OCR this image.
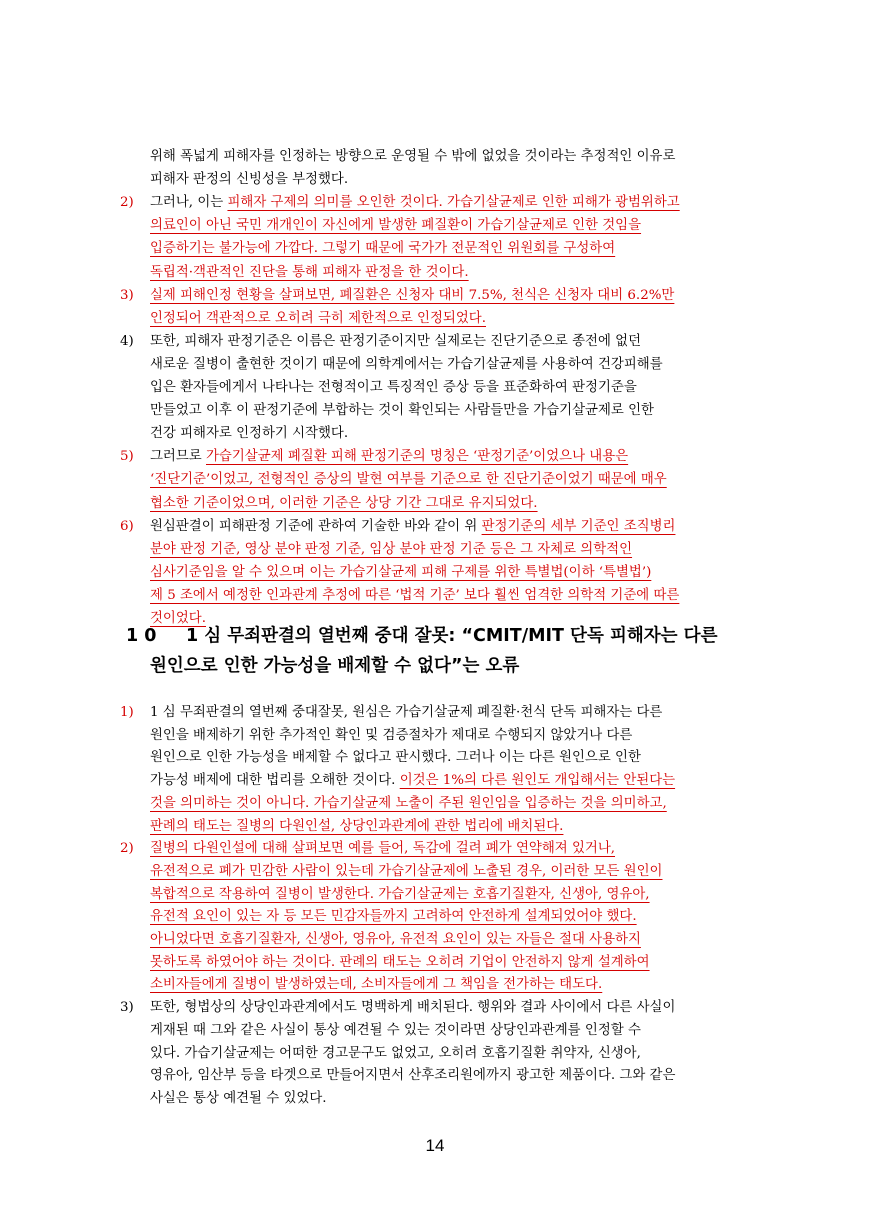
위해 폭넓게 피해자를 인정하는 방향으로 운영될 수 밖에 없었을 것이라는 추정적인 이유로
피해자 판정의 신빙성을 부정했다.
2) 그러나, 이는 피해자 구제의 의미를 오인한 것이다. 가습기살균제로 인한 피해가 광범위하고
의료인이 아닌 국민 개개인이 자신에게 발생한 폐질환이 가습기살균제로 인한 것임을
입증하기는 불가능에 가깝다. 그렇기 때문에 국가가 전문적인 위원회를 구성하여
독립적·객관적인 진단을 통해 피해자 판정을 한 것이다.
3) 실제 피해인정 현황을 살펴보면, 폐질환은 신청자 대비 7.5%, 천식은 신청자 대비 6.2%만
인정되어 객관적으로 오히려 극히 제한적으로 인정되었다.
4) 또한, 피해자 판정기준은 이름은 판정기준이지만 실제로는 진단기준으로 종전에 없던
새로운 질병이 출현한 것이기 때문에 의학계에서는 가습기살균제를 사용하여 건강피해를
입은 환자들에게서 나타나는 전형적이고 특징적인 증상 등을 표준화하여 판정기준을
만들었고 이후 이 판정기준에 부합하는 것이 확인되는 사람들만을 가습기살균제로 인한
건강 피해자로 인정하기 시작했다.
5) 그러므로 가습기살균제 폐질환 피해 판정기준의 명칭은 ‘판정기준’이었으나 내용은
‘진단기준’이었고, 전형적인 증상의 발현 여부를 기준으로 한 진단기준이었기 때문에 매우
협소한 기준이었으며, 이러한 기준은 상당 기간 그대로 유지되었다.
6) 원심판결이 피해판정 기준에 관하여 기술한 바와 같이 위 판정기준의 세부 기준인 조직병리
분야 판정 기준, 영상 분야 판정 기준, 임상 분야 판정 기준 등은 그 자체로 의학적인
심사기준임을 알 수 있으며 이는 가습기살균제 피해 구제를 위한 특별법(이하 ‘특별법’)
제 5 조에서 예정한 인과관계 추정에 따른 ‘법적 기준’ 보다 훨씬 엄격한 의학적 기준에 따른
것이었다.
1 0 1 심 무죄판결의 열번째 중대 잘못: “CMIT/MIT 단독 피해자는 다른
원인으로 인한 가능성을 배제할 수 없다”는 오류
1) 1 심 무죄판결의 열번째 중대잘못, 원심은 가습기살균제 폐질환·천식 단독 피해자는 다른
원인을 배제하기 위한 추가적인 확인 및 검증절차가 제대로 수행되지 않았거나 다른
원인으로 인한 가능성을 배제할 수 없다고 판시했다. 그러나 이는 다른 원인으로 인한
가능성 배제에 대한 법리를 오해한 것이다. 이것은 1%의 다른 원인도 개입해서는 안된다는
것을 의미하는 것이 아니다. 가습기살균제 노출이 주된 원인임을 입증하는 것을 의미하고,
판례의 태도는 질병의 다원인설, 상당인과관계에 관한 법리에 배치된다.
2) 질병의 다원인설에 대해 살펴보면 예를 들어, 독감에 걸려 폐가 연약해져 있거나,
유전적으로 폐가 민감한 사람이 있는데 가습기살균제에 노출된 경우, 이러한 모든 원인이
복합적으로 작용하여 질병이 발생한다. 가습기살균제는 호흡기질환자, 신생아, 영유아,
유전적 요인이 있는 자 등 모든 민감자들까지 고려하여 안전하게 설계되었어야 했다.
아니었다면 호흡기질환자, 신생아, 영유아, 유전적 요인이 있는 자들은 절대 사용하지
못하도록 하였어야 하는 것이다. 판례의 태도는 오히려 기업이 안전하지 않게 설계하여
소비자들에게 질병이 발생하였는데, 소비자들에게 그 책임을 전가하는 태도다.
3) 또한, 형법상의 상당인과관계에서도 명백하게 배치된다. 행위와 결과 사이에서 다른 사실이
게재된 때 그와 같은 사실이 통상 예견될 수 있는 것이라면 상당인과관계를 인정할 수
있다. 가습기살균제는 어떠한 경고문구도 없었고, 오히려 호흡기질환 취약자, 신생아,
영유아, 임산부 등을 타겟으로 만들어지면서 산후조리원에까지 광고한 제품이다. 그와 같은
사실은 통상 예견될 수 있었다.
14
